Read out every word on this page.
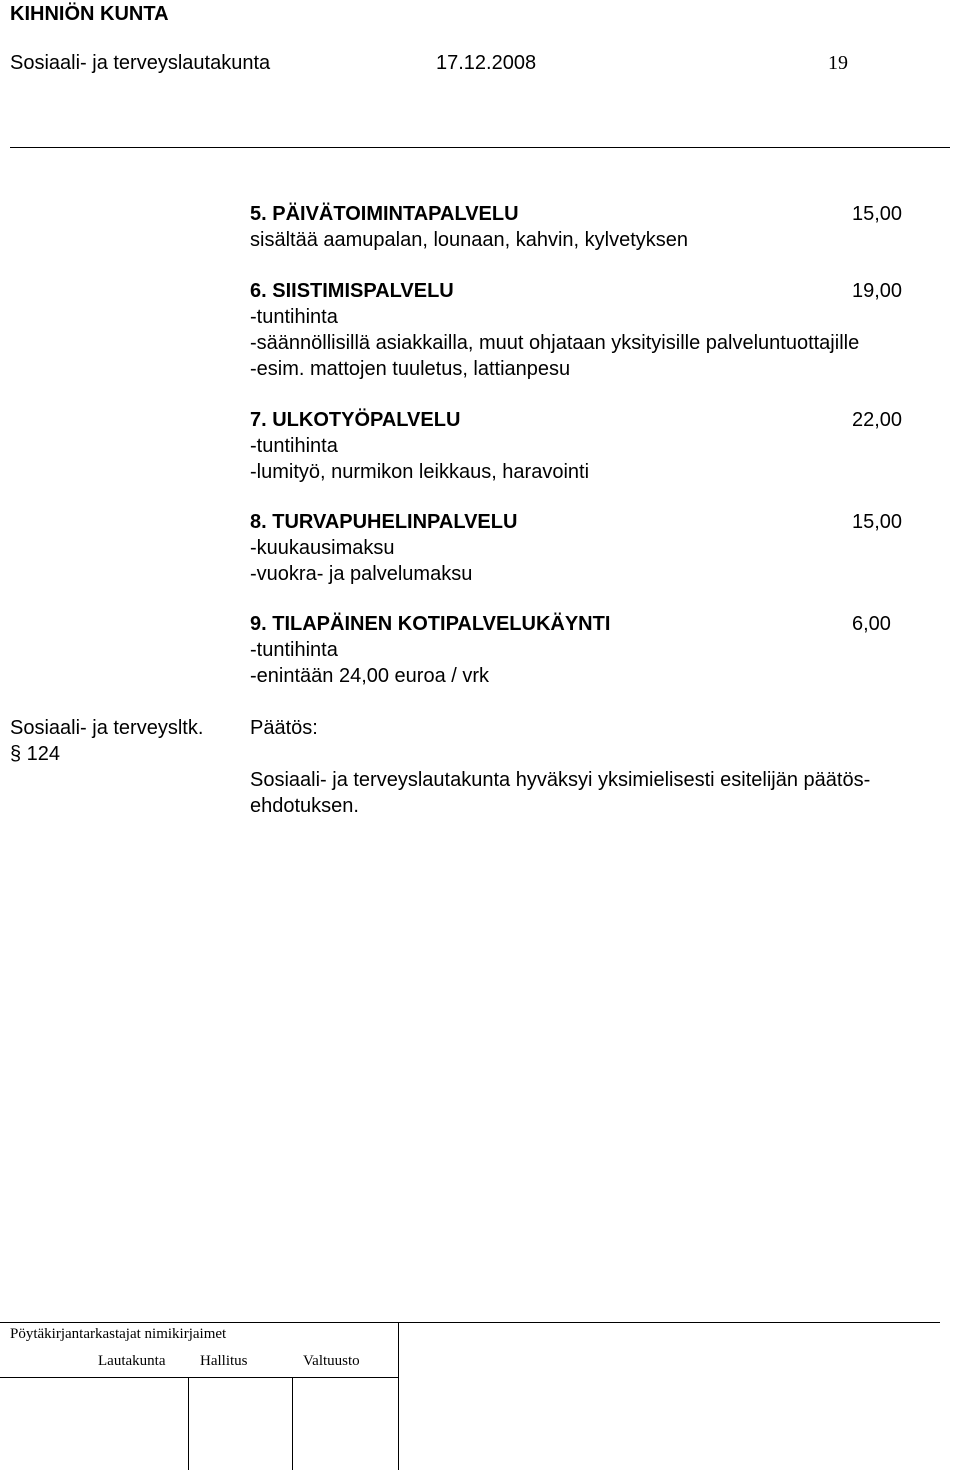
KIHNIÖN KUNTA
Sosiaali- ja terveyslautakunta	17.12.2008	19
5. PÄIVÄTOIMINTAPALVELU	15,00
sisältää aamupalan, lounaan, kahvin, kylvetyksen
6. SIISTIMISPALVELU	19,00
-tuntihinta
-säännöllisillä asiakkailla, muut ohjataan yksityisille palveluntuottajille
-esim. mattojen tuuletus, lattianpesu
7. ULKOTYÖPALVELU	22,00
-tuntihinta
-lumityö, nurmikon leikkaus, haravointi
8. TURVAPUHELINPALVELU	15,00
-kuukausimaksu
-vuokra- ja palvelumaksu
9. TILAPÄINEN KOTIPALVELUKÄYNTI	6,00
-tuntihinta
-enintään 24,00 euroa / vrk
Sosiaali- ja terveysltk.
§ 124
Päätös:
Sosiaali- ja terveyslautakunta hyväksyi yksimielisesti esitelijän päätös-
ehdotuksen.
Pöytäkirjantarkastajat nimikirjaimet
Lautakunta Hallitus	Valtuusto
